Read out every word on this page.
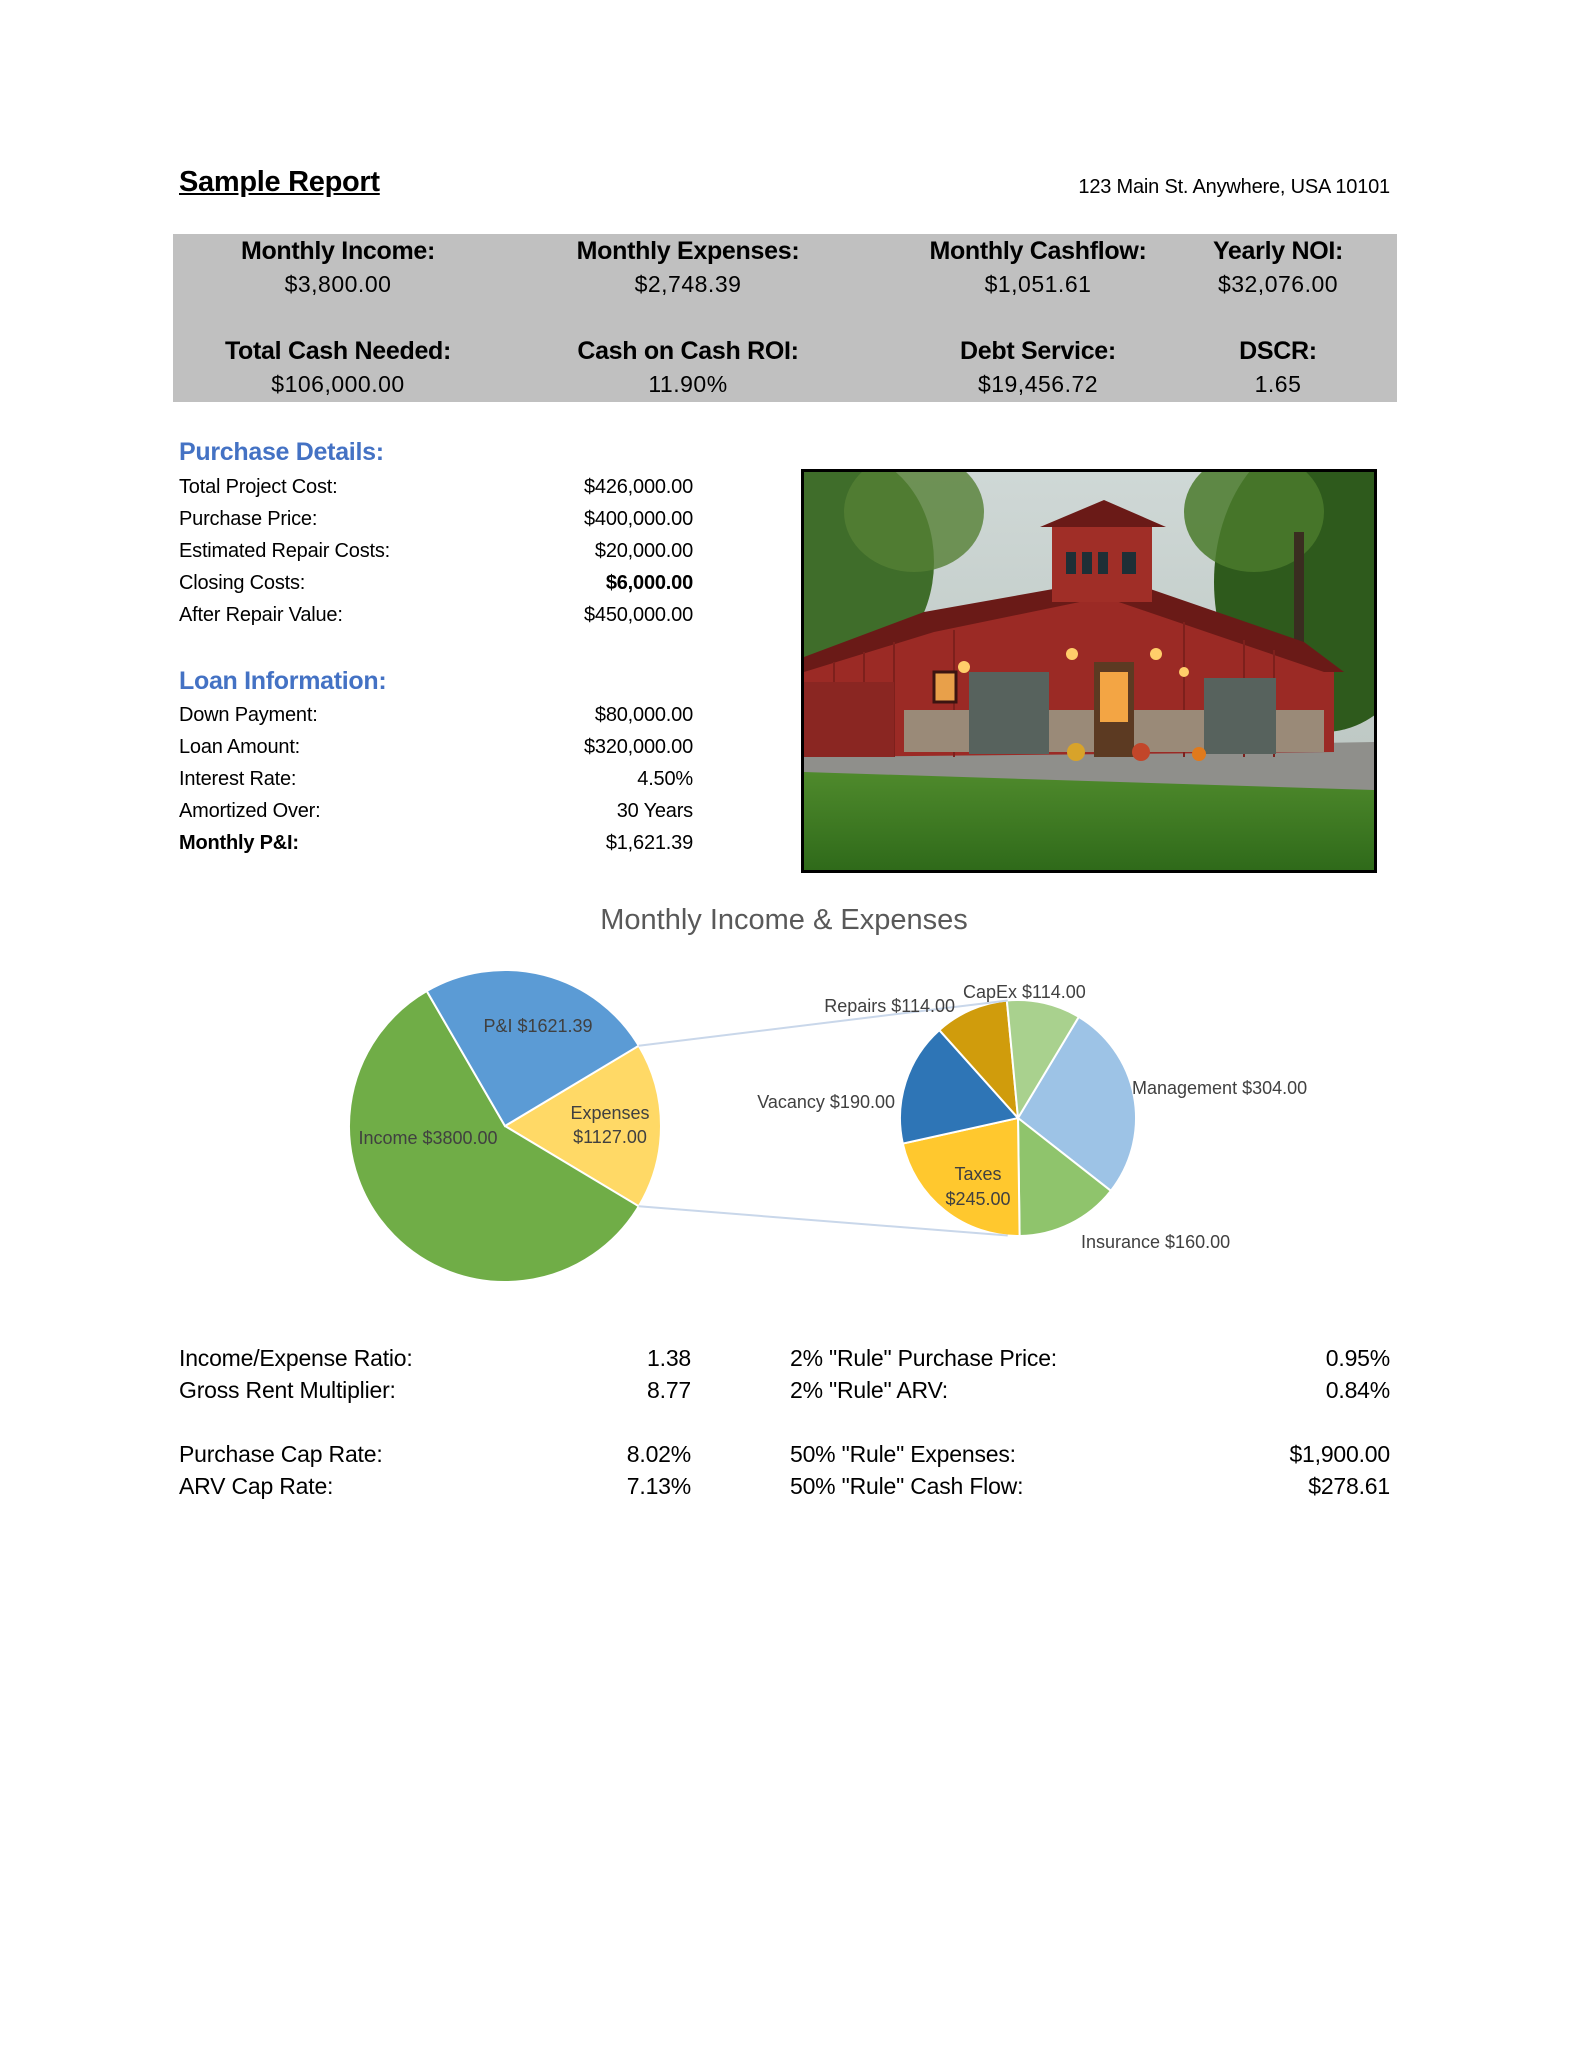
Sample Report	123 Main St. Anywhere, USA 10101
Monthly Income:
$3,800.00
Monthly Expenses:
$2,748.39
Monthly Cashflow:
$1,051.61
Yearly NOI:
$32,076.00
Total Cash Needed:
$106,000.00
Cash on Cash ROI:
11.90%
Debt Service:
$19,456.72
DSCR:
1.65
Purchase Details:
Total Project Cost:	$426,000.00
Purchase Price:	$400,000.00
Estimated Repair Costs:	$20,000.00
Closing Costs:	$6,000.00
After Repair Value:	$450,000.00
Loan Information:
Down Payment:	$80,000.00
Loan Amount:	$320,000.00
Interest Rate:	4.50%
Amortized Over:	30 Years
Monthly P&I:	$1,621.39
Monthly Income & Expenses
P&I $1621.39
Income $3800.00
Expenses
$1127.00
Management $304.00
Insurance $160.00
Taxes
$245.00
Vacancy $190.00
Repairs $114.00
CapEx $114.00
Income/Expense Ratio:	1.38
Gross Rent Multiplier:	8.77
Purchase Cap Rate:	8.02%
ARV Cap Rate:	7.13%
2% "Rule" Purchase Price:	0.95%
2% "Rule" ARV:	0.84%
50% "Rule" Expenses:	$1,900.00
50% "Rule" Cash Flow:	$278.61
